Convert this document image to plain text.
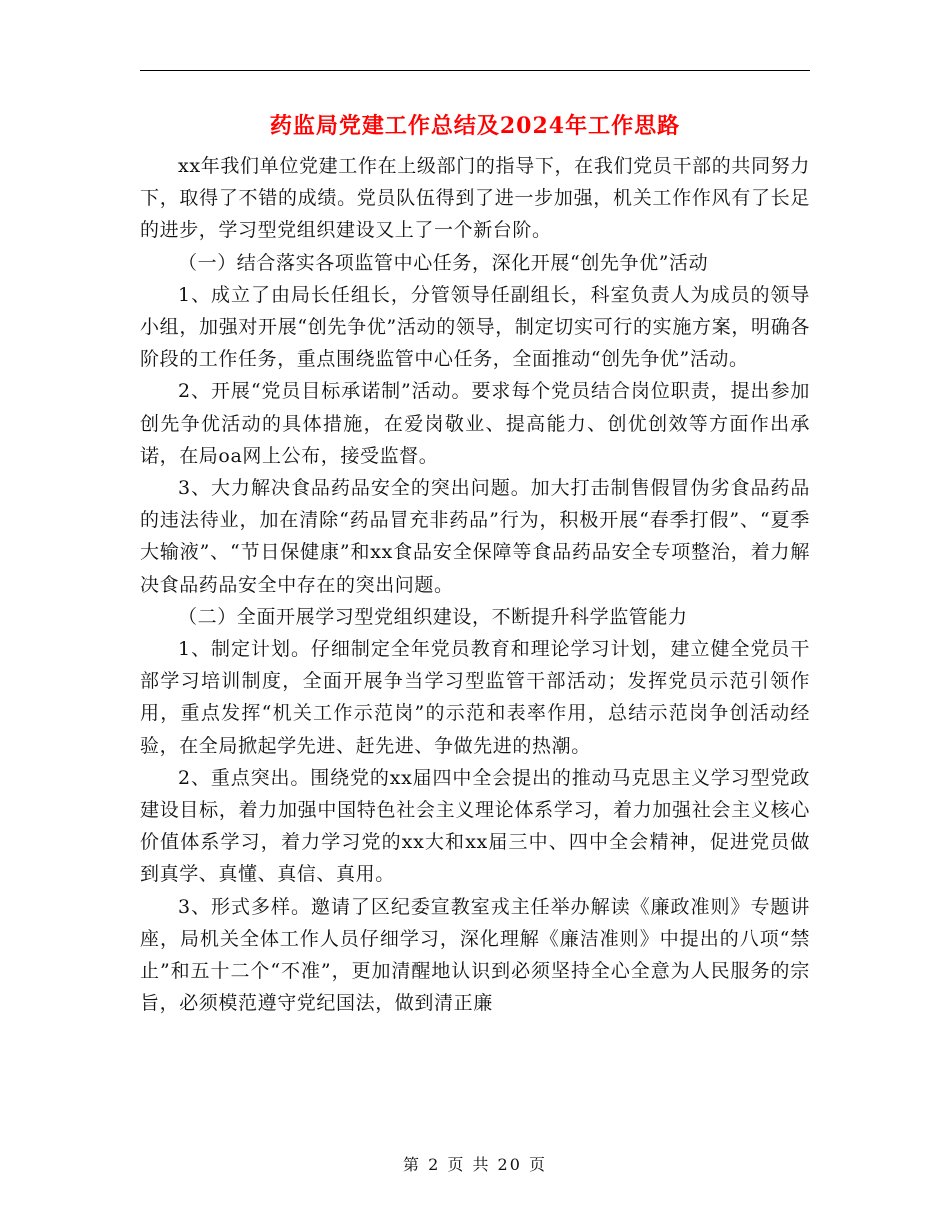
药监局党建工作总结及2024年工作思路

xx年我们单位党建工作在上级部门的指导下，在我们党员干部的共同努力下，取得了不错的成绩。党员队伍得到了进一步加强，机关工作作风有了长足的进步，学习型党组织建设又上了一个新台阶。

（一）结合落实各项监管中心任务，深化开展“创先争优”活动

1、成立了由局长任组长，分管领导任副组长，科室负责人为成员的领导小组，加强对开展“创先争优”活动的领导，制定切实可行的实施方案，明确各阶段的工作任务，重点围绕监管中心任务，全面推动“创先争优”活动。

2、开展“党员目标承诺制”活动。要求每个党员结合岗位职责，提出参加创先争优活动的具体措施，在爱岗敬业、提高能力、创优创效等方面作出承诺，在局oa网上公布，接受监督。

3、大力解决食品药品安全的突出问题。加大打击制售假冒伪劣食品药品的违法待业，加在清除“药品冒充非药品”行为，积极开展“春季打假”、“夏季大输液”、“节日保健康”和xx食品安全保障等食品药品安全专项整治，着力解决食品药品安全中存在的突出问题。

（二）全面开展学习型党组织建设，不断提升科学监管能力

1、制定计划。仔细制定全年党员教育和理论学习计划，建立健全党员干部学习培训制度，全面开展争当学习型监管干部活动；发挥党员示范引领作用，重点发挥“机关工作示范岗”的示范和表率作用，总结示范岗争创活动经验，在全局掀起学先进、赶先进、争做先进的热潮。

2、重点突出。围绕党的xx届四中全会提出的推动马克思主义学习型党政建设目标，着力加强中国特色社会主义理论体系学习，着力加强社会主义核心价值体系学习，着力学习党的xx大和xx届三中、四中全会精神，促进党员做到真学、真懂、真信、真用。

3、形式多样。邀请了区纪委宣教室戎主任举办解读《廉政准则》专题讲座，局机关全体工作人员仔细学习，深化理解《廉洁准则》中提出的八项“禁止”和五十二个“不准”，更加清醒地认识到必须坚持全心全意为人民服务的宗旨，必须模范遵守党纪国法，做到清正廉

第 2 页 共 20 页
